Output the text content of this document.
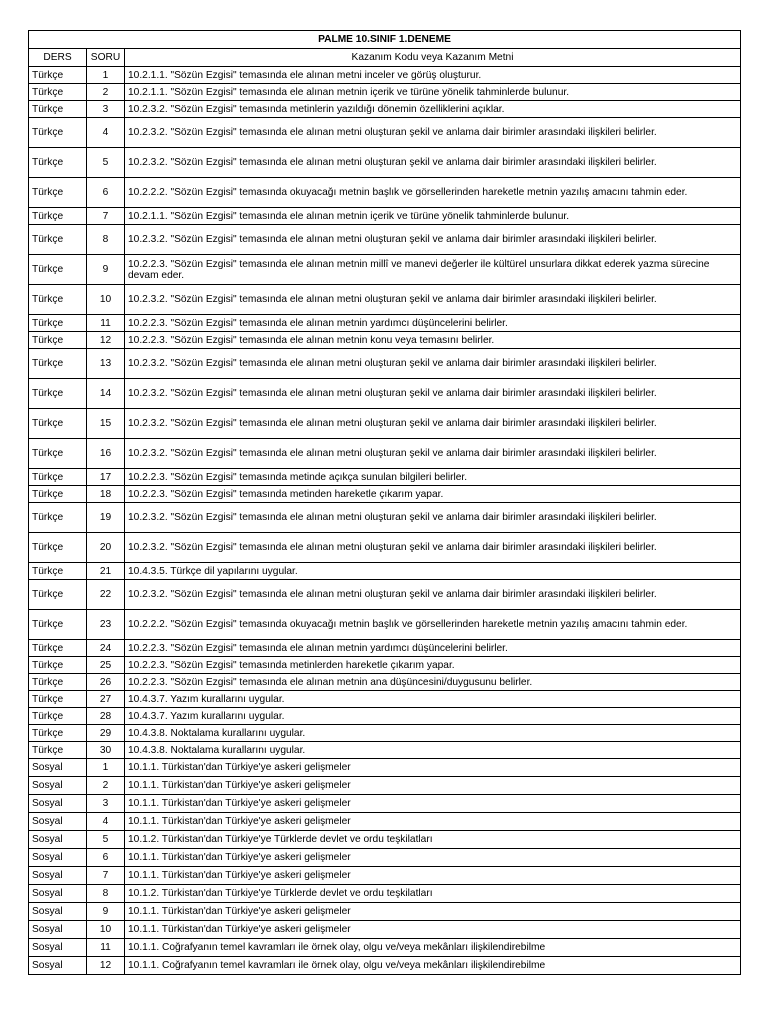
PALME 10.SINIF 1.DENEME		
DERS	SORU	Kazanım Kodu veya Kazanım Metni
Türkçe	1	10.2.1.1. "Sözün Ezgisi" temasında ele alınan metni inceler ve görüş oluşturur.
Türkçe	2	10.2.1.1. "Sözün Ezgisi" temasında ele alınan metnin içerik ve türüne yönelik tahminlerde bulunur.
Türkçe	3	10.2.3.2. "Sözün Ezgisi" temasında metinlerin yazıldığı dönemin özelliklerini açıklar.
Türkçe	4	10.2.3.2. "Sözün Ezgisi" temasında ele alınan metni oluşturan şekil ve anlama dair birimler arasındaki ilişkileri belirler.
Türkçe	5	10.2.3.2. "Sözün Ezgisi" temasında ele alınan metni oluşturan şekil ve anlama dair birimler arasındaki ilişkileri belirler.
Türkçe	6	10.2.2.2. "Sözün Ezgisi" temasında okuyacağı metnin başlık ve görsellerinden hareketle metnin yazılış amacını tahmin eder.
Türkçe	7	10.2.1.1. "Sözün Ezgisi" temasında ele alınan metnin içerik ve türüne yönelik tahminlerde bulunur.
Türkçe	8	10.2.3.2. "Sözün Ezgisi" temasında ele alınan metni oluşturan şekil ve anlama dair birimler arasındaki ilişkileri belirler.
Türkçe	9	10.2.2.3. "Sözün Ezgisi" temasında ele alınan metnin millî ve manevi değerler ile kültürel unsurlara dikkat ederek yazma sürecine devam eder.
Türkçe	10	10.2.3.2. "Sözün Ezgisi" temasında ele alınan metni oluşturan şekil ve anlama dair birimler arasındaki ilişkileri belirler.
Türkçe	11	10.2.2.3. "Sözün Ezgisi" temasında ele alınan metnin yardımcı düşüncelerini belirler.
Türkçe	12	10.2.2.3. "Sözün Ezgisi" temasında ele alınan metnin konu veya temasını belirler.
Türkçe	13	10.2.3.2. "Sözün Ezgisi" temasında ele alınan metni oluşturan şekil ve anlama dair birimler arasındaki ilişkileri belirler.
Türkçe	14	10.2.3.2. "Sözün Ezgisi" temasında ele alınan metni oluşturan şekil ve anlama dair birimler arasındaki ilişkileri belirler.
Türkçe	15	10.2.3.2. "Sözün Ezgisi" temasında ele alınan metni oluşturan şekil ve anlama dair birimler arasındaki ilişkileri belirler.
Türkçe	16	10.2.3.2. "Sözün Ezgisi" temasında ele alınan metni oluşturan şekil ve anlama dair birimler arasındaki ilişkileri belirler.
Türkçe	17	10.2.2.3. "Sözün Ezgisi" temasında metinde açıkça sunulan bilgileri belirler.
Türkçe	18	10.2.2.3. "Sözün Ezgisi" temasında metinden hareketle çıkarım yapar.
Türkçe	19	10.2.3.2. "Sözün Ezgisi" temasında ele alınan metni oluşturan şekil ve anlama dair birimler arasındaki ilişkileri belirler.
Türkçe	20	10.2.3.2. "Sözün Ezgisi" temasında ele alınan metni oluşturan şekil ve anlama dair birimler arasındaki ilişkileri belirler.
Türkçe	21	10.4.3.5. Türkçe dil yapılarını uygular.
Türkçe	22	10.2.3.2. "Sözün Ezgisi" temasında ele alınan metni oluşturan şekil ve anlama dair birimler arasındaki ilişkileri belirler.
Türkçe	23	10.2.2.2. "Sözün Ezgisi" temasında okuyacağı metnin başlık ve görsellerinden hareketle metnin yazılış amacını tahmin eder.
Türkçe	24	10.2.2.3. "Sözün Ezgisi" temasında ele alınan metnin yardımcı düşüncelerini belirler.
Türkçe	25	10.2.2.3. "Sözün Ezgisi" temasında metinlerden hareketle çıkarım yapar.
Türkçe	26	10.2.2.3. "Sözün Ezgisi" temasında ele alınan metnin ana düşüncesini/duygusunu belirler.
Türkçe	27	10.4.3.7. Yazım kurallarını uygular.
Türkçe	28	10.4.3.7. Yazım kurallarını uygular.
Türkçe	29	10.4.3.8. Noktalama kurallarını uygular.
Türkçe	30	10.4.3.8. Noktalama kurallarını uygular.
Sosyal	1	10.1.1. Türkistan'dan Türkiye'ye askeri gelişmeler
Sosyal	2	10.1.1. Türkistan'dan Türkiye'ye askeri gelişmeler
Sosyal	3	10.1.1. Türkistan'dan Türkiye'ye askeri gelişmeler
Sosyal	4	10.1.1. Türkistan'dan Türkiye'ye askeri gelişmeler
Sosyal	5	10.1.2. Türkistan'dan Türkiye'ye Türklerde devlet ve ordu teşkilatları
Sosyal	6	10.1.1. Türkistan'dan Türkiye'ye askeri gelişmeler
Sosyal	7	10.1.1. Türkistan'dan Türkiye'ye askeri gelişmeler
Sosyal	8	10.1.2. Türkistan'dan Türkiye'ye Türklerde devlet ve ordu teşkilatları
Sosyal	9	10.1.1. Türkistan'dan Türkiye'ye askeri gelişmeler
Sosyal	10	10.1.1. Türkistan'dan Türkiye'ye askeri gelişmeler
Sosyal	11	10.1.1. Coğrafyanın temel kavramları ile örnek olay, olgu ve/veya mekânları ilişkilendirebilme
Sosyal	12	10.1.1. Coğrafyanın temel kavramları ile örnek olay, olgu ve/veya mekânları ilişkilendirebilme
